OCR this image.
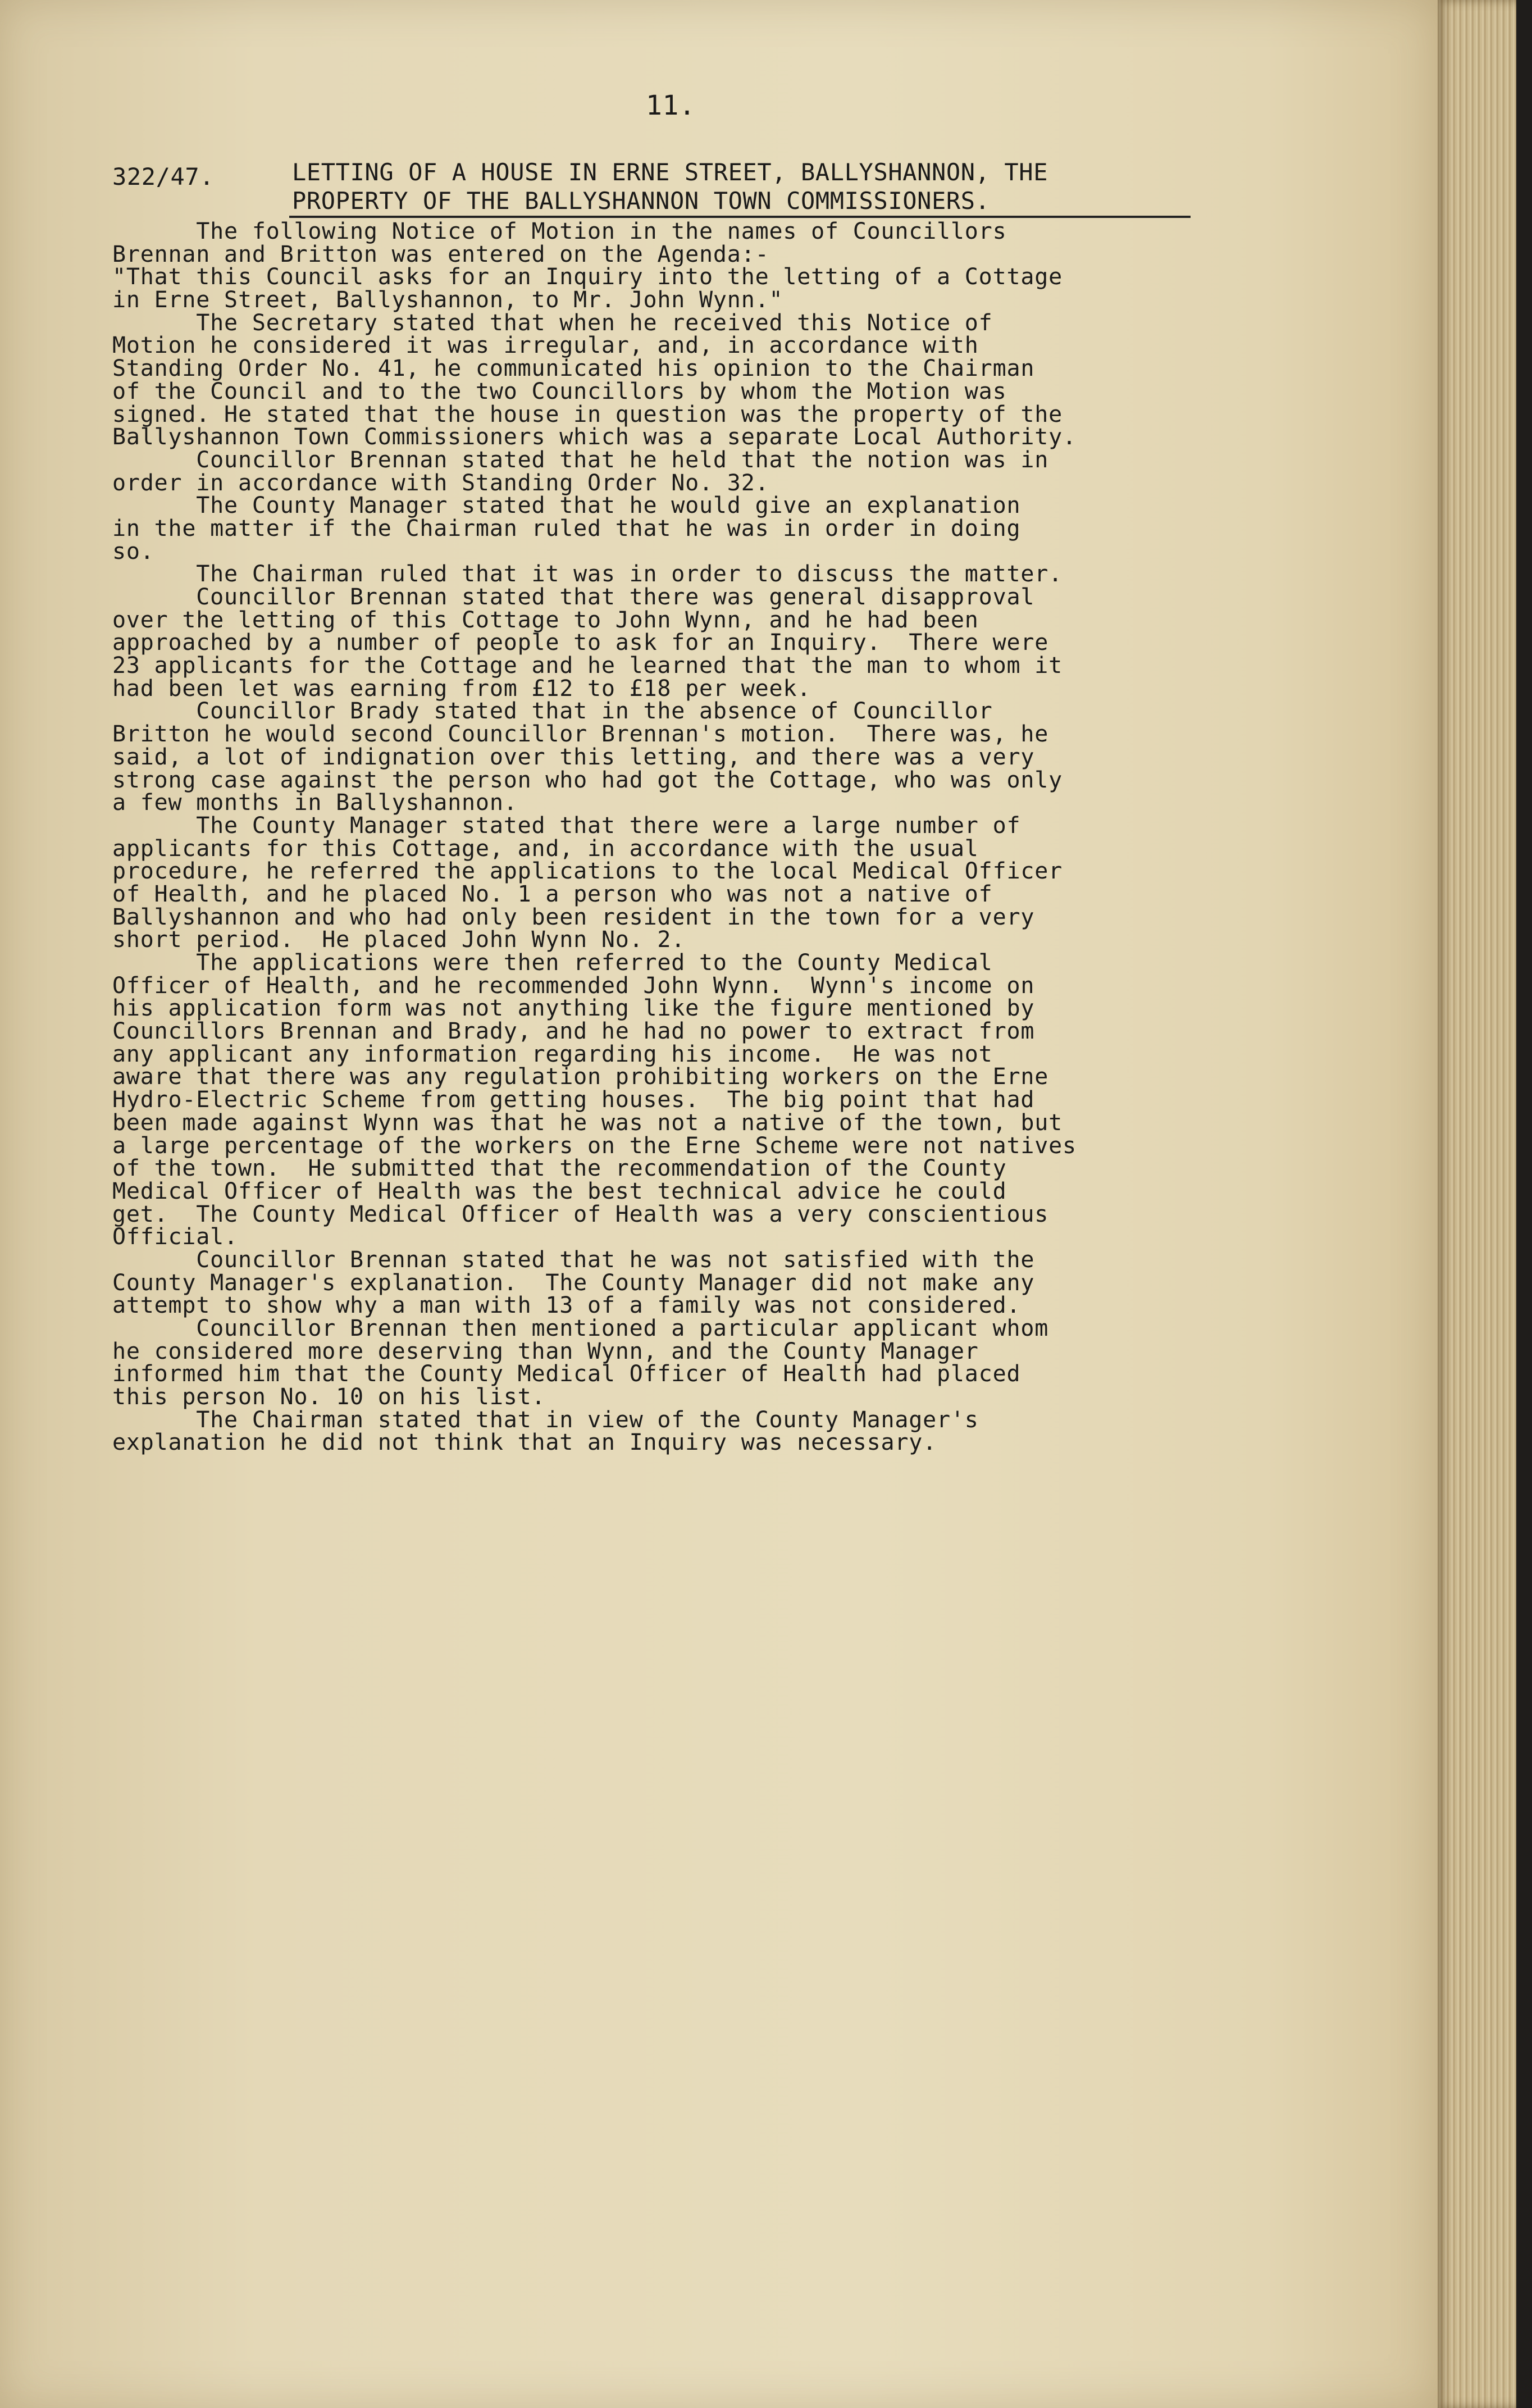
11.
322/47.	LETTING OF A HOUSE IN ERNE STREET, BALLYSHANNON, THE
PROPERTY OF THE BALLYSHANNON TOWN COMMISSIONERS.
The following Notice of Motion in the names of Councillors
Brennan and Britton was entered on the Agenda:-
"That this Council asks for an Inquiry into the letting of a Cottage
in Erne Street, Ballyshannon, to Mr. John Wynn."
The Secretary stated that when he received this Notice of
Motion he considered it was irregular, and, in accordance with
Standing Order No. 41, he communicated his opinion to the Chairman
of the Council and to the two Councillors by whom the Motion was
signed. He stated that the house in question was the property of the
Ballyshannon Town Commissioners which was a separate Local Authority.
Councillor Brennan stated that he held that the notion was in
order in accordance with Standing Order No. 32.
The County Manager stated that he would give an explanation
in the matter if the Chairman ruled that he was in order in doing
so.
The Chairman ruled that it was in order to discuss the matter.
Councillor Brennan stated that there was general disapproval
over the letting of this Cottage to John Wynn, and he had been
approached by a number of people to ask for an Inquiry.  There were
23 applicants for the Cottage and he learned that the man to whom it
had been let was earning from £12 to £18 per week.
Councillor Brady stated that in the absence of Councillor
Britton he would second Councillor Brennan's motion.  There was, he
said, a lot of indignation over this letting, and there was a very
strong case against the person who had got the Cottage, who was only
a few months in Ballyshannon.
The County Manager stated that there were a large number of
applicants for this Cottage, and, in accordance with the usual
procedure, he referred the applications to the local Medical Officer
of Health, and he placed No. 1 a person who was not a native of
Ballyshannon and who had only been resident in the town for a very
short period.  He placed John Wynn No. 2.
The applications were then referred to the County Medical
Officer of Health, and he recommended John Wynn.  Wynn's income on
his application form was not anything like the figure mentioned by
Councillors Brennan and Brady, and he had no power to extract from
any applicant any information regarding his income.  He was not
aware that there was any regulation prohibiting workers on the Erne
Hydro-Electric Scheme from getting houses.  The big point that had
been made against Wynn was that he was not a native of the town, but
a large percentage of the workers on the Erne Scheme were not natives
of the town.  He submitted that the recommendation of the County
Medical Officer of Health was the best technical advice he could
get.  The County Medical Officer of Health was a very conscientious
Official.
Councillor Brennan stated that he was not satisfied with the
County Manager's explanation.  The County Manager did not make any
attempt to show why a man with 13 of a family was not considered.
Councillor Brennan then mentioned a particular applicant whom
he considered more deserving than Wynn, and the County Manager
informed him that the County Medical Officer of Health had placed
this person No. 10 on his list.
The Chairman stated that in view of the County Manager's
explanation he did not think that an Inquiry was necessary.
